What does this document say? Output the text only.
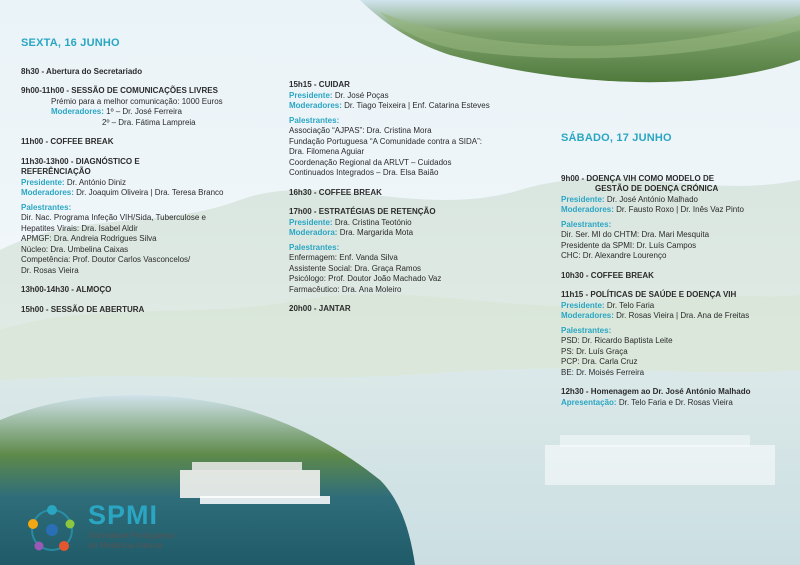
SEXTA, 16 JUNHO
8h30 - Abertura do Secretariado
9h00-11h00 - SESSÃO DE COMUNICAÇÕES LIVRES
Prémio para a melhor comunicação: 1000 Euros
Moderadores: 1º – Dr. José Ferreira
2º – Dra. Fátima Lampreia
11h00 - COFFEE BREAK
11h30-13h00 - DIAGNÓSTICO E
REFERÊNCIAÇÃO
Presidente: Dr. António Diniz
Moderadores: Dr. Joaquim Oliveira | Dra. Teresa Branco
Palestrantes:
Dir. Nac. Programa Infeção VIH/Sida, Tuberculose e
Hepatites Virais: Dra. Isabel Aldir
APMGF: Dra. Andreia Rodrigues Silva
Núcleo: Dra. Umbelina Caixas
Competência: Prof. Doutor Carlos Vasconcelos/
Dr. Rosas Vieira
13h00-14h30 - ALMOÇO
15h00 - SESSÃO DE ABERTURA
15h15 - CUIDAR
Presidente: Dr. José Poças
Moderadores: Dr. Tiago Teixeira | Enf. Catarina Esteves
Palestrantes:
Associação “AJPAS”: Dra. Cristina Mora
Fundação Portuguesa “A Comunidade contra a SIDA”:
Dra. Filomena Aguiar
Coordenação Regional da ARLVT – Cuidados
Continuados Integrados – Dra. Elsa Baião
16h30 - COFFEE BREAK
17h00 - ESTRATÉGIAS DE RETENÇÃO
Presidente: Dra. Cristina Teotónio
Moderadora: Dra. Margarida Mota
Palestrantes:
Enfermagem: Enf. Vanda Silva
Assistente Social: Dra. Graça Ramos
Psicólogo: Prof. Doutor João Machado Vaz
Farmacêutico: Dra. Ana Moleiro
20h00 - JANTAR
SÁBADO, 17 JUNHO
9h00 - DOENÇA VIH COMO MODELO DE
GESTÃO DE DOENÇA CRÓNICA
Presidente: Dr. José António Malhado
Moderadores: Dr. Fausto Roxo | Dr. Inês Vaz Pinto
Palestrantes:
Dir. Ser. MI do CHTM: Dra. Mari Mesquita
Presidente da SPMI: Dr. Luís Campos
CHC: Dr. Alexandre Lourenço
10h30 - COFFEE BREAK
11h15 - POLÍTICAS DE SAÚDE E DOENÇA VIH
Presidente: Dr. Telo Faria
Moderadores: Dr. Rosas Vieira | Dra. Ana de Freitas
Palestrantes:
PSD: Dr. Ricardo Baptista Leite
PS: Dr. Luís Graça
PCP: Dra. Carla Cruz
BE: Dr. Moisés Ferreira
12h30 - Homenagem ao Dr. José António Malhado
Apresentação: Dr. Telo Faria e Dr. Rosas Vieira
SPMI
Sociedade Portuguesa
de Medicina Interna
